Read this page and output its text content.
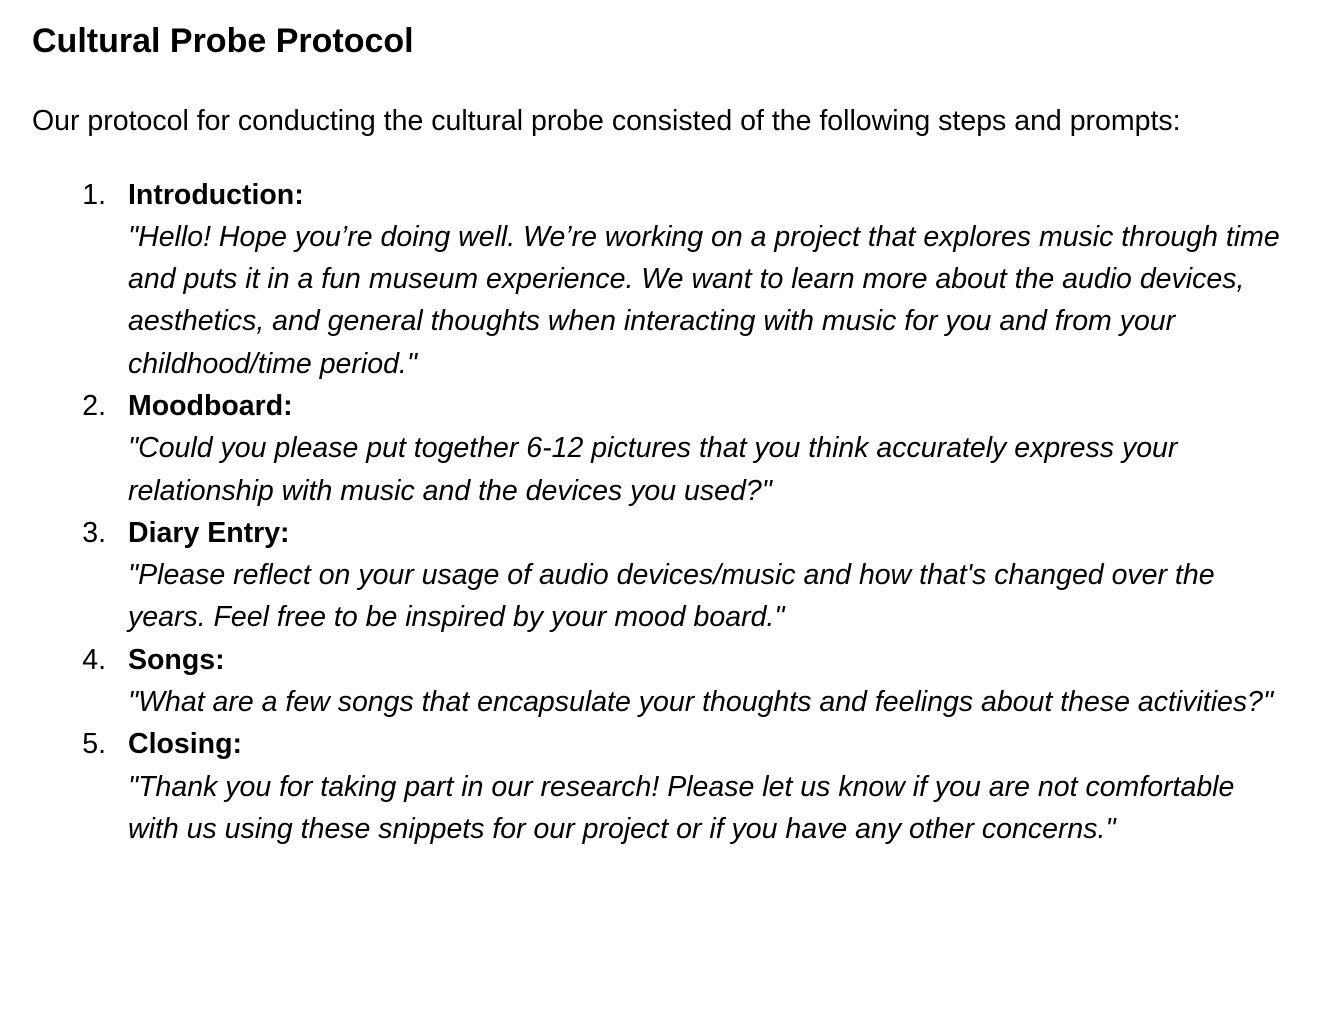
Cultural Probe Protocol

Our protocol for conducting the cultural probe consisted of the following steps and prompts:

1. Introduction:
"Hello! Hope you’re doing well. We’re working on a project that explores music through time and puts it in a fun museum experience. We want to learn more about the audio devices, aesthetics, and general thoughts when interacting with music for you and from your childhood/time period."
2. Moodboard:
"Could you please put together 6-12 pictures that you think accurately express your relationship with music and the devices you used?"
3. Diary Entry:
"Please reflect on your usage of audio devices/music and how that's changed over the years. Feel free to be inspired by your mood board."
4. Songs:
"What are a few songs that encapsulate your thoughts and feelings about these activities?"
5. Closing:
"Thank you for taking part in our research! Please let us know if you are not comfortable with us using these snippets for our project or if you have any other concerns."
